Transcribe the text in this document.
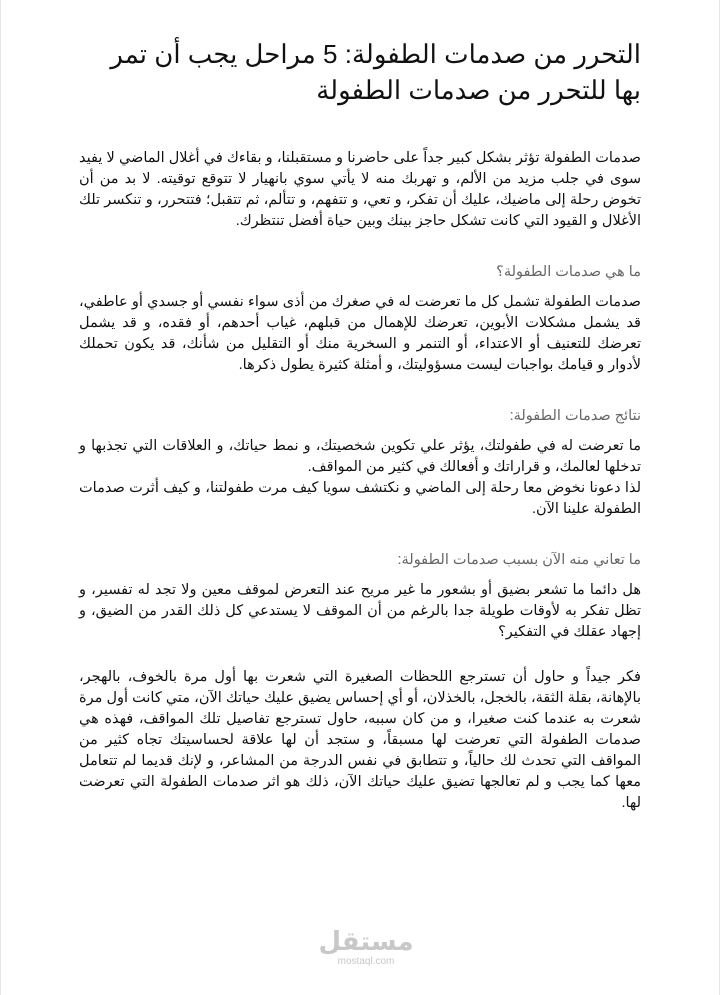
التحرر من صدمات الطفولة: 5 مراحل يجب أن تمر بها للتحرر من صدمات الطفولة

صدمات الطفولة تؤثر بشكل كبير جداً على حاضرنا و مستقبلنا، و بقاءك في أغلال الماضي لا يفيد سوى في جلب مزيد من الألم، و تهربك منه لا يأتي سوي بانهيار لا تتوقع توقيته. لا بد من أن تخوض رحلة إلى ماضيك، عليك أن تفكر، و تعي، و تتفهم، و تتألم، ثم تتقبل؛ فتتحرر، و تنكسر تلك الأغلال و القيود التي كانت تشكل حاجز بينك وبين حياة أفضل تنتظرك.

ما هي صدمات الطفولة؟

صدمات الطفولة تشمل كل ما تعرضت له في صغرك من أذى سواء نفسي أو جسدي أو عاطفي، قد يشمل مشكلات الأبوين، تعرضك للإهمال من قبلهم، غياب أحدهم، أو فقده، و قد يشمل تعرضك للتعنيف أو الاعتداء، أو التنمر و السخرية منك أو التقليل من شأنك، قد يكون تحملك لأدوار و قيامك بواجبات ليست مسؤوليتك، و أمثلة كثيرة يطول ذكرها.

نتائج صدمات الطفولة:

ما تعرضت له في طفولتك، يؤثر علي تكوين شخصيتك، و نمط حياتك، و العلاقات التي تجذبها و تدخلها لعالمك، و قراراتك و أفعالك في كثير من المواقف.

لذا دعونا نخوض معا رحلة إلى الماضي و نكتشف سويا كيف مرت طفولتنا، و كيف أثرت صدمات الطفولة علينا الآن.

ما تعاني منه الآن بسبب صدمات الطفولة:

هل دائما ما تشعر بضيق أو بشعور ما غير مريح عند التعرض لموقف معين ولا تجد له تفسير، و تظل تفكر به لأوقات طويلة جدا بالرغم من أن الموقف لا يستدعي كل ذلك القدر من الضيق، و إجهاد عقلك في التفكير؟

فكر جيداً و حاول أن تسترجع اللحظات الصغيرة التي شعرت بها أول مرة بالخوف، بالهجر، بالإهانة، بقلة الثقة، بالخجل، بالخذلان، أو أي إحساس يضيق عليك حياتك الآن، متي كانت أول مرة شعرت به عندما كنت صغيرا، و من كان سببه، حاول تسترجع تفاصيل تلك المواقف، فهذه هي صدمات الطفولة التي تعرضت لها مسبقاً، و ستجد أن لها علاقة لحساسيتك تجاه كثير من المواقف التي تحدث لك حالياً، و تتطابق في نفس الدرجة من المشاعر، و لإنك قديما لم تتعامل معها كما يجب و لم تعالجها تضيق عليك حياتك الآن، ذلك هو اثر صدمات الطفولة التي تعرضت لها.

مستقل
mostaql.com
